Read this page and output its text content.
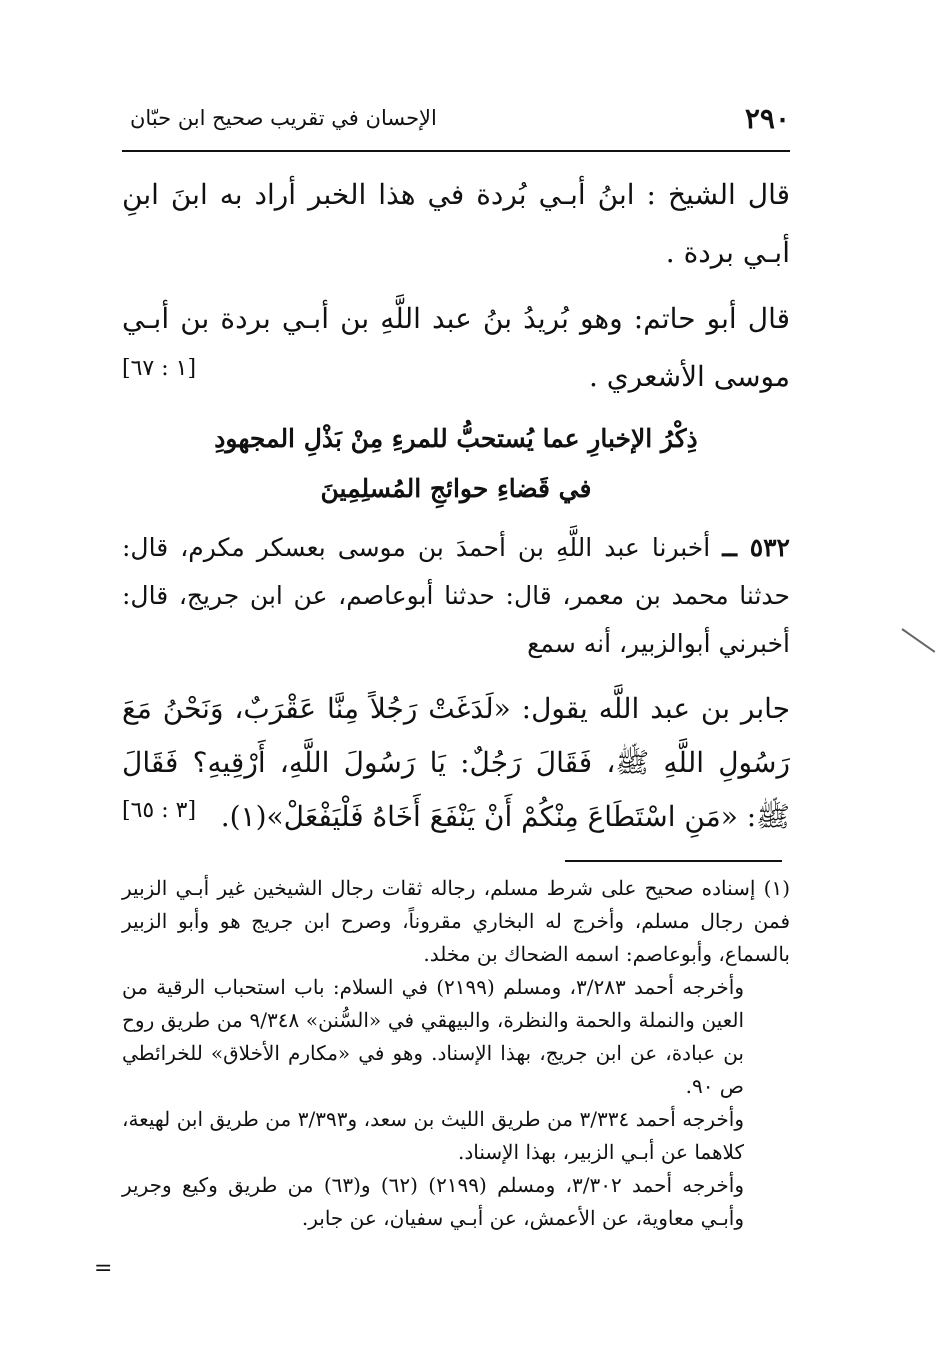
٢٩٠
الإحسان في تقريب صحيح ابن حبّان

قال الشيخ : ابنُ أبـي بُردة في هذا الخبر أراد به ابنَ ابنِ أبـي بردة .

قال أبو حاتم: وهو بُريدُ بنُ عبد اللَّهِ بن أبـي بردة بن أبـي موسى الأشعري .
[١ : ٦٧]

ذِكْرُ الإخبارِ عما يُستحبُّ للمرءِ مِنْ بَذْلِ المجهودِ
في قَضاءِ حوائجِ المُسلِمِينَ

٥٣٢ ــ أخبرنا عبد اللَّهِ بن أحمدَ بن موسى بعسكر مكرم، قال: حدثنا محمد بن معمر، قال: حدثنا أبوعاصم، عن ابن جريج، قال: أخبرني أبوالزبير، أنه سمع

جابر بن عبد اللَّه يقول: «لَدَغَتْ رَجُلاً مِنَّا عَقْرَبٌ، وَنَحْنُ مَعَ رَسُولِ اللَّهِ ﷺ، فَقَالَ رَجُلٌ: يَا رَسُولَ اللَّهِ، أَرْقِيهِ؟ فَقَالَ ﷺ: «مَنِ اسْتَطَاعَ مِنْكُمْ أَنْ يَنْفَعَ أَخَاهُ فَلْيَفْعَلْ»(١).
[٣ : ٦٥]

(١) إسناده صحيح على شرط مسلم، رجاله ثقات رجال الشيخين غير أبـي الزبير فمن رجال مسلم، وأخرج له البخاري مقروناً، وصرح ابن جريج هو وأبو الزبير بالسماع، وأبوعاصم: اسمه الضحاك بن مخلد.

وأخرجه أحمد ٣/٢٨٣، ومسلم (٢١٩٩) في السلام: باب استحباب الرقية من العين والنملة والحمة والنظرة، والبيهقي في «السُّنن» ٩/٣٤٨ من طريق روح بن عبادة، عن ابن جريج، بهذا الإسناد. وهو في «مكارم الأخلاق» للخرائطي ص ٩٠.

وأخرجه أحمد ٣/٣٣٤ من طريق الليث بن سعد، و٣/٣٩٣ من طريق ابن لهيعة، كلاهما عن أبـي الزبير، بهذا الإسناد.

وأخرجه أحمد ٣/٣٠٢، ومسلم (٢١٩٩) (٦٢) و(٦٣) من طريق وكيع وجرير وأبـي معاوية، عن الأعمش، عن أبـي سفيان، عن جابر.

=
